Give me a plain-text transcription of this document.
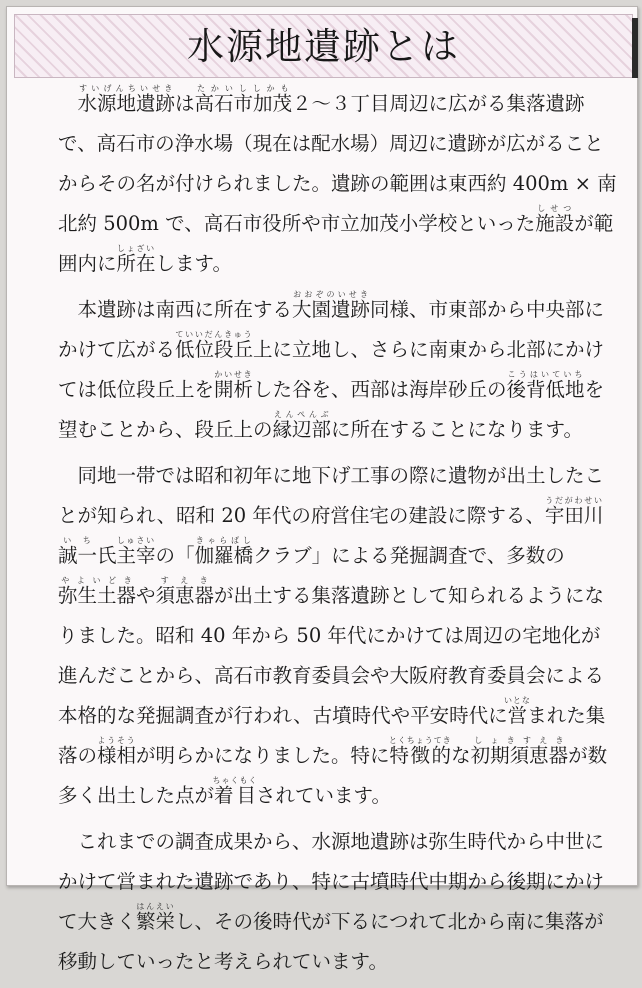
水源地遺跡とは

水源地遺跡すいげんちいせきは高石市加茂たかいししかも２～３丁目周辺に広がる集落遺跡で、高石市の浄水場（現在は配水場）周辺に遺跡が広がることからその名が付けられました。遺跡の範囲は東西約 400m × 南北約 500m で、高石市役所や市立加茂小学校といった施設しせつが範囲内に所在しょざいします。

本遺跡は南西に所在する大園遺跡おおぞのいせき同様、市東部から中央部にかけて広がる低位段丘ていいだんきゅう上に立地し、さらに南東から北部にかけては低位段丘上を開析かいせきした谷を、西部は海岸砂丘の後背低地こうはいていちを望むことから、段丘上の縁辺部えんぺんぶに所在することになります。

同地一帯では昭和初年に地下げ工事の際に遺物が出土したことが知られ、昭和 20 年代の府営住宅の建設に際する、宇田川誠一うだがわせいいち氏主宰しゅさいの「伽羅橋きゃらばしクラブ」による発掘調査で、多数の弥生土器やよいどきや須恵器すえきが出土する集落遺跡として知られるようになりました。昭和 40 年から 50 年代にかけては周辺の宅地化が進んだことから、高石市教育委員会や大阪府教育委員会による本格的な発掘調査が行われ、古墳時代や平安時代に営いとなまれた集落の様相ようそうが明らかになりました。特に特徴的とくちょうてきな初期須恵器しょきすえきが数多く出土した点が着目ちゃくもくされています。

これまでの調査成果から、水源地遺跡は弥生時代から中世にかけて営まれた遺跡であり、特に古墳時代中期から後期にかけて大きく繁栄はんえいし、その後時代が下るにつれて北から南に集落が移動していったと考えられています。
